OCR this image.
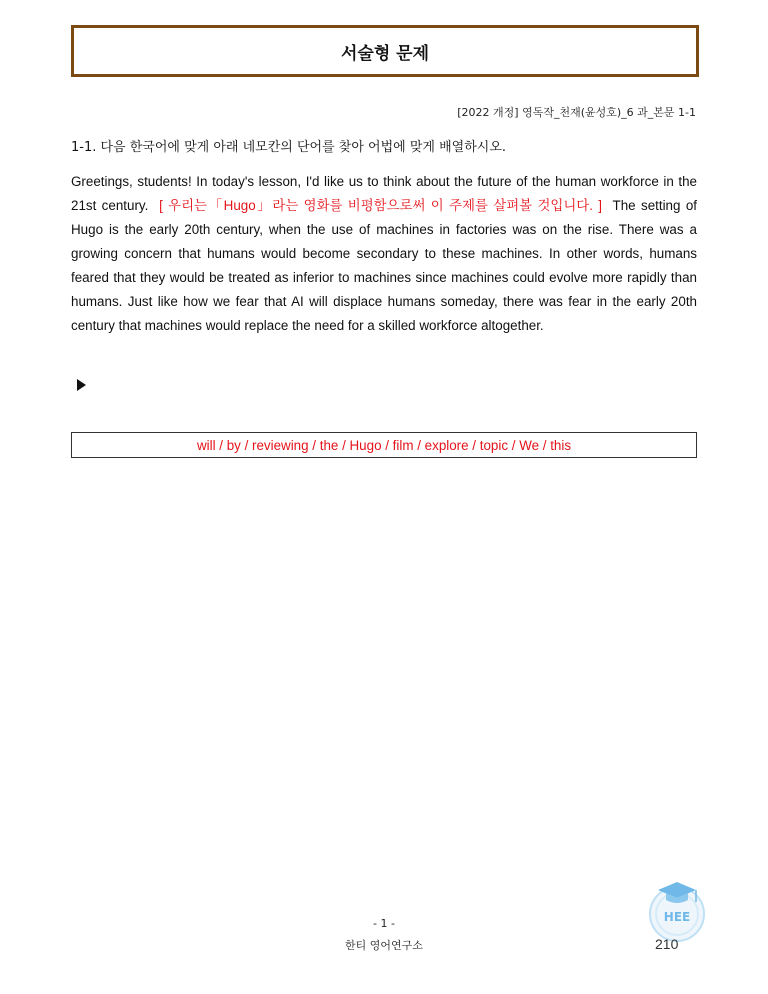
서술형 문제
[2022 개정] 영독작_천재(윤성호)_6 과_본문 1-1
1-1. 다음 한국어에 맞게 아래 네모칸의 단어를 찾아 어법에 맞게 배열하시오.
Greetings, students! In today's lesson, I'd like us to think about the future of the human workforce in the 21st century. [ 우리는「Hugo」라는 영화를 비평함으로써 이 주제를 살펴볼 것입니다. ] The setting of Hugo is the early 20th century, when the use of machines in factories was on the rise. There was a growing concern that humans would become secondary to these machines. In other words, humans feared that they would be treated as inferior to machines since machines could evolve more rapidly than humans. Just like how we fear that AI will displace humans someday, there was fear in the early 20th century that machines would replace the need for a skilled workforce altogether.
will / by / reviewing / the / Hugo / film / explore / topic / We / this
- 1 -
한티 영어연구소
HEE
210
